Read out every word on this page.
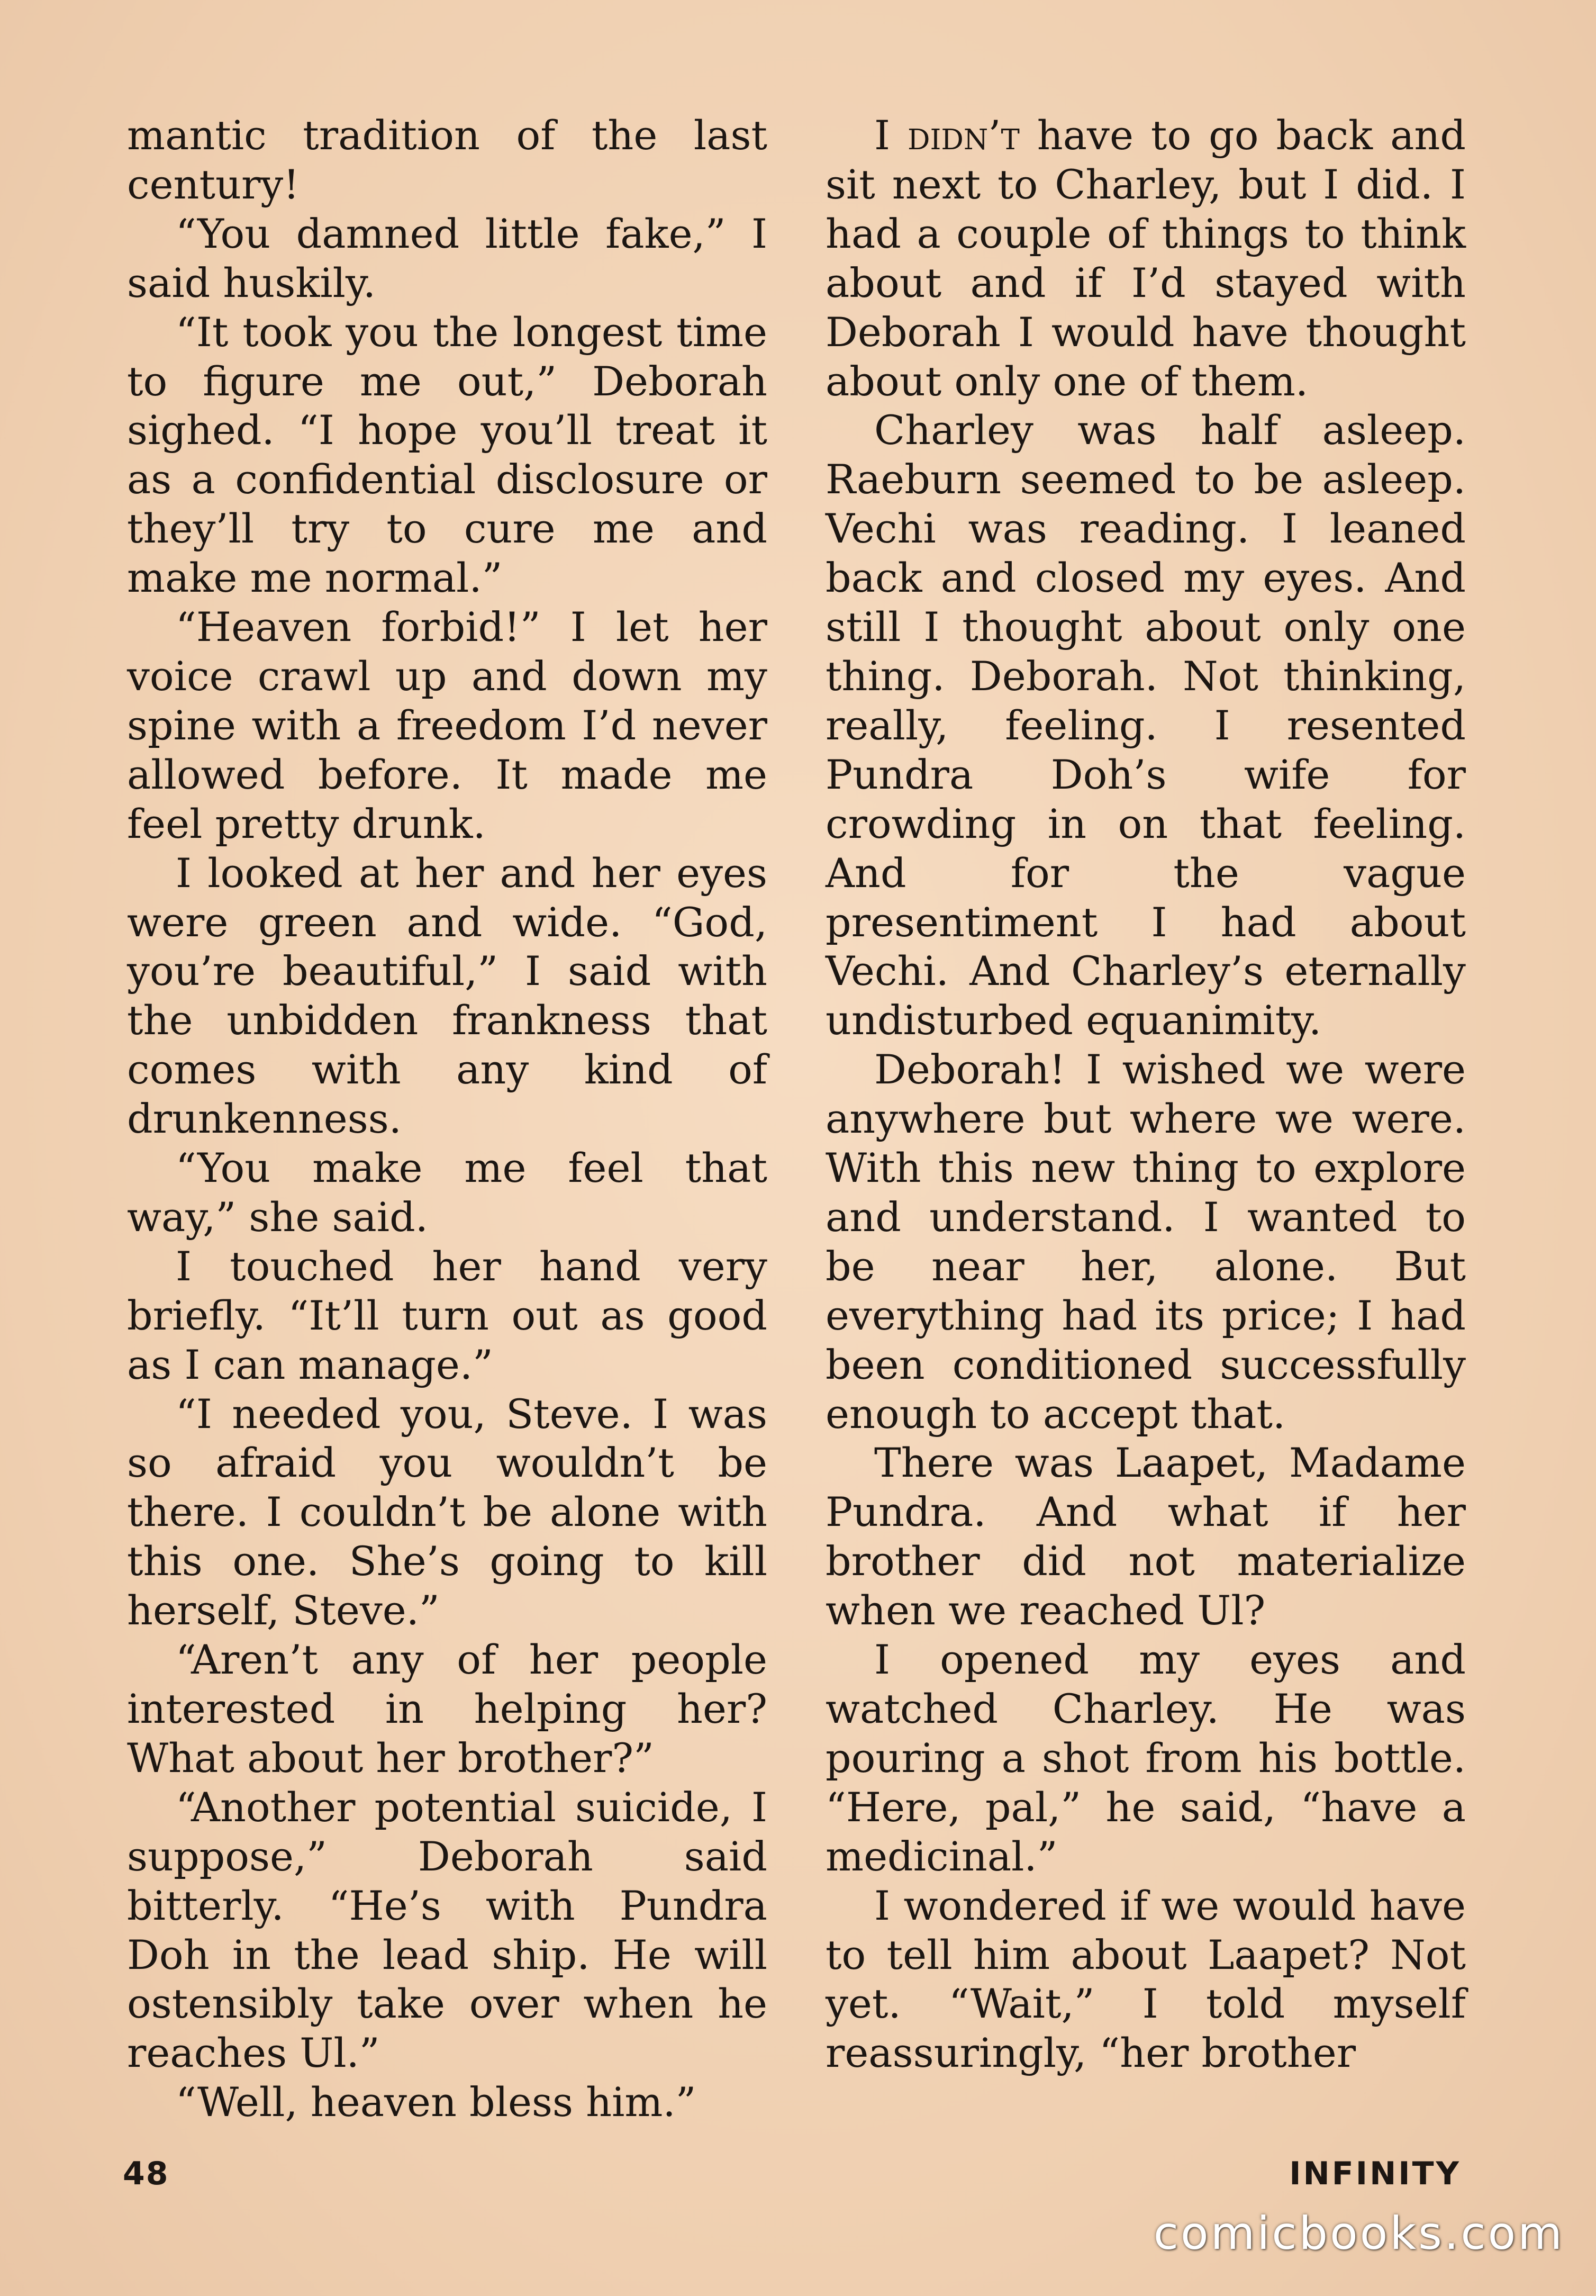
mantic tradition of the last century!

“You damned little fake,” I said huskily.

“It took you the longest time to figure me out,” Deborah sighed. “I hope you’ll treat it as a confidential disclosure or they’ll try to cure me and make me normal.”

“Heaven forbid!” I let her voice crawl up and down my spine with a freedom I’d never allowed before. It made me feel pretty drunk.

I looked at her and her eyes were green and wide. “God, you’re beautiful,” I said with the unbidden frankness that comes with any kind of drunkenness.

“You make me feel that way,” she said.

I touched her hand very briefly. “It’ll turn out as good as I can manage.”

“I needed you, Steve. I was so afraid you wouldn’t be there. I couldn’t be alone with this one. She’s going to kill herself, Steve.”

“Aren’t any of her people interested in helping her? What about her brother?”

“Another potential suicide, I suppose,” Deborah said bitterly. “He’s with Pundra Doh in the lead ship. He will ostensibly take over when he reaches Ul.”

“Well, heaven bless him.”

I didn’t have to go back and sit next to Charley, but I did. I had a couple of things to think about and if I’d stayed with Deborah I would have thought about only one of them.

Charley was half asleep. Raeburn seemed to be asleep. Vechi was reading. I leaned back and closed my eyes. And still I thought about only one thing. Deborah. Not thinking, really, feeling. I resented Pundra Doh’s wife for crowding in on that feeling. And for the vague presentiment I had about Vechi. And Charley’s eternally undisturbed equanimity.

Deborah! I wished we were anywhere but where we were. With this new thing to explore and understand. I wanted to be near her, alone. But everything had its price; I had been conditioned successfully enough to accept that.

There was Laapet, Madame Pundra. And what if her brother did not materialize when we reached Ul?

I opened my eyes and watched Charley. He was pouring a shot from his bottle. “Here, pal,” he said, “have a medicinal.”

I wondered if we would have to tell him about Laapet? Not yet. “Wait,” I told myself reassuringly, “her brother

48	INFINITY
comicbooks.com
